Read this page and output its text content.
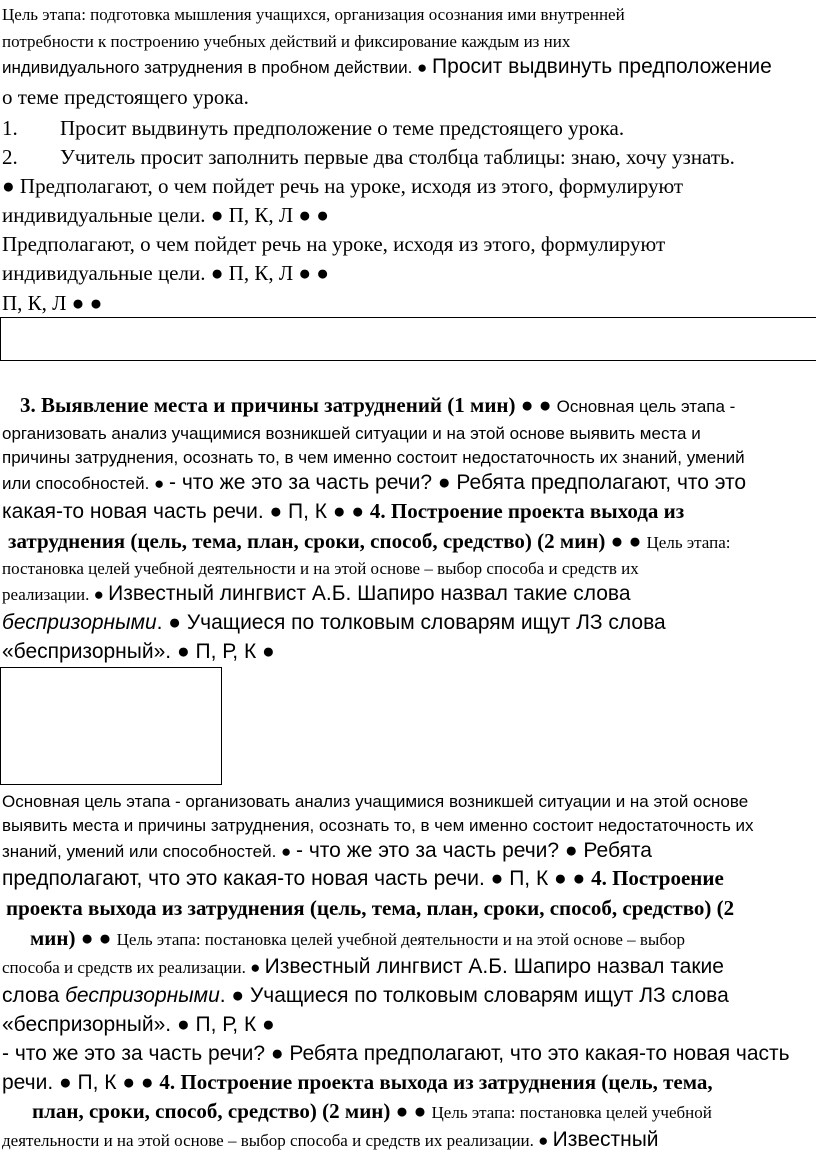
Цель этапа: подготовка мышления учащихся, организация осознания ими внутренней
потребности к построению учебных действий и фиксирование каждым из них
индивидуального затруднения в пробном действии. ● Просит выдвинуть предположение
о теме предстоящего урока.
1. Просит выдвинуть предположение о теме предстоящего урока.
2. Учитель просит заполнить первые два столбца таблицы: знаю, хочу узнать.
● Предполагают, о чем пойдет речь на уроке, исходя из этого, формулируют
индивидуальные цели. ● П, К, Л ● ●
Предполагают, о чем пойдет речь на уроке, исходя из этого, формулируют
индивидуальные цели. ● П, К, Л ● ●
П, К, Л ● ●
3. Выявление места и причины затруднений (1 мин) ● ● Основная цель этапа -
организовать анализ учащимися возникшей ситуации и на этой основе выявить места и
причины затруднения, осознать то, в чем именно состоит недостаточность их знаний, умений
или способностей. ● - что же это за часть речи? ● Ребята предполагают, что это
какая-то новая часть речи. ● П, К ● ● 4. Построение проекта выхода из
затруднения (цель, тема, план, сроки, способ, средство) (2 мин) ● ● Цель этапа:
постановка целей учебной деятельности и на этой основе – выбор способа и средств их
реализации. ● Известный лингвист А.Б. Шапиро назвал такие слова
беспризорными. ● Учащиеся по толковым словарям ищут ЛЗ слова
«беспризорный». ● П, Р, К ●
Основная цель этапа - организовать анализ учащимися возникшей ситуации и на этой основе
выявить места и причины затруднения, осознать то, в чем именно состоит недостаточность их
знаний, умений или способностей. ● - что же это за часть речи? ● Ребята
предполагают, что это какая-то новая часть речи. ● П, К ● ● 4. Построение
проекта выхода из затруднения (цель, тема, план, сроки, способ, средство) (2
мин) ● ● Цель этапа: постановка целей учебной деятельности и на этой основе – выбор
способа и средств их реализации. ● Известный лингвист А.Б. Шапиро назвал такие
слова беспризорными. ● Учащиеся по толковым словарям ищут ЛЗ слова
«беспризорный». ● П, Р, К ●
- что же это за часть речи? ● Ребята предполагают, что это какая-то новая часть
речи. ● П, К ● ● 4. Построение проекта выхода из затруднения (цель, тема,
план, сроки, способ, средство) (2 мин) ● ● Цель этапа: постановка целей учебной
деятельности и на этой основе – выбор способа и средств их реализации. ● Известный
